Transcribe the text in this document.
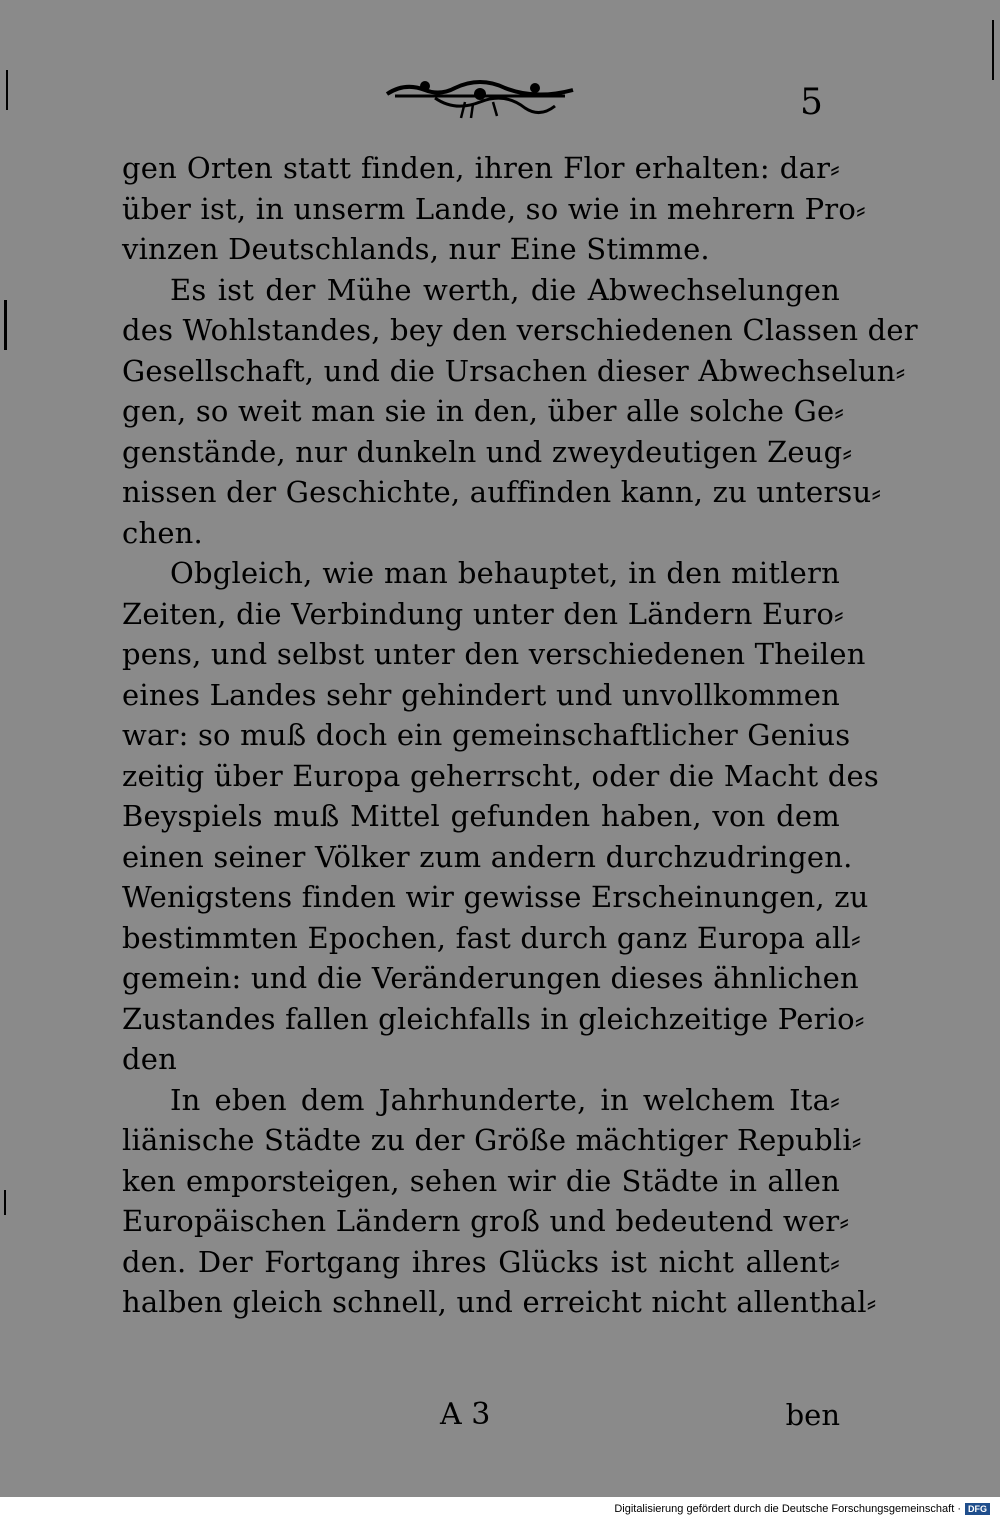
5
gen Orten statt finden, ihren Flor erhalten: dar⸗
über ist, in unserm Lande, so wie in mehrern Pro⸗
vinzen Deutschlands, nur Eine Stimme.
Es ist der Mühe werth, die Abwechselungen
des Wohlstandes, bey den verschiedenen Classen der
Gesellschaft, und die Ursachen dieser Abwechselun⸗
gen, so weit man sie in den, über alle solche Ge⸗
genstände, nur dunkeln und zweydeutigen Zeug⸗
nissen der Geschichte, auffinden kann, zu untersu⸗
chen.
Obgleich, wie man behauptet, in den mitlern
Zeiten, die Verbindung unter den Ländern Euro⸗
pens, und selbst unter den verschiedenen Theilen
eines Landes sehr gehindert und unvollkommen
war: so muß doch ein gemeinschaftlicher Genius
zeitig über Europa geherrscht, oder die Macht des
Beyspiels muß Mittel gefunden haben, von dem
einen seiner Völker zum andern durchzudringen.
Wenigstens finden wir gewisse Erscheinungen, zu
bestimmten Epochen, fast durch ganz Europa all⸗
gemein: und die Veränderungen dieses ähnlichen
Zustandes fallen gleichfalls in gleichzeitige Perio⸗
den
In eben dem Jahrhunderte, in welchem Ita⸗
liänische Städte zu der Größe mächtiger Republi⸗
ken emporsteigen, sehen wir die Städte in allen
Europäischen Ländern groß und bedeutend wer⸗
den. Der Fortgang ihres Glücks ist nicht allent⸗
halben gleich schnell, und erreicht nicht allenthal⸗
A 3	ben
Digitalisierung gefördert durch die Deutsche Forschungsgemeinschaft · DFG
